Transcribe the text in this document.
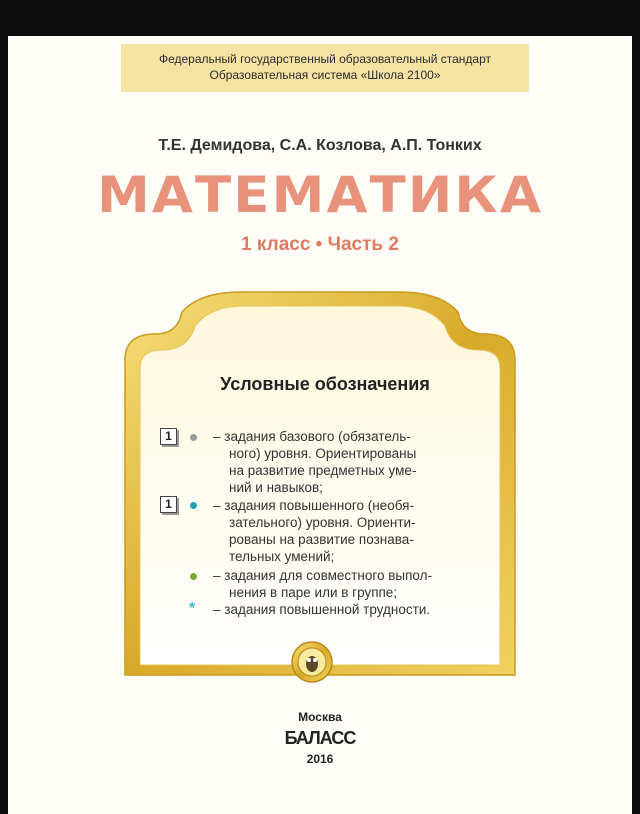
Федеральный государственный образовательный стандарт
Образовательная система «Школа 2100»
Т.Е. Демидова, С.А. Козлова, А.П. Тонких
МАТЕМАТИКА
1 класс • Часть 2
Условные обозначения
1
1
*
– задания базового (обязатель-
ного) уровня. Ориентированы
на развитие предметных уме-
ний и навыков;
– задания повышенного (необя-
зательного) уровня. Ориенти-
рованы на развитие познава-
тельных умений;
– задания для совместного выпол-
нения в паре или в группе;
– задания повышенной трудности.
Москва
БАЛАСС
2016
